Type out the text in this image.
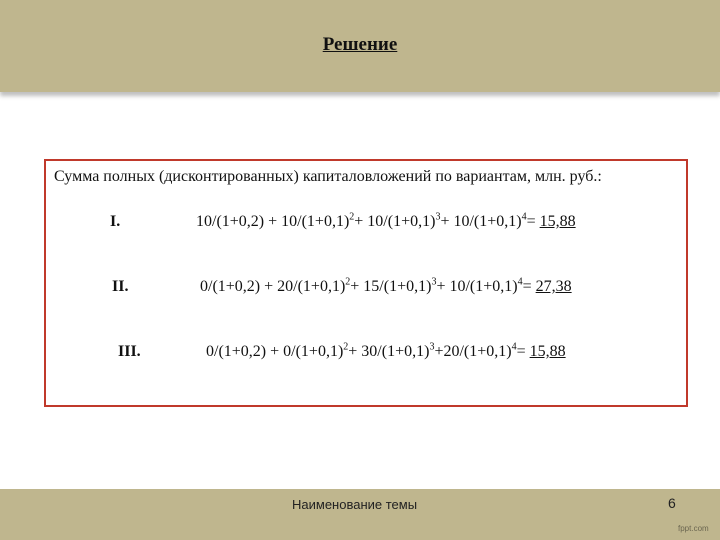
Решение
Сумма полных (дисконтированных) капиталовложений по вариантам, млн. руб.:
I.	$10/(1+0,2) + 10/(1+0,1)^2+ 10/(1+0,1)^3+ 10/(1+0,1)^4= 15,88$
II.	$0/(1+0,2) + 20/(1+0,1)^2+ 15/(1+0,1)^3+ 10/(1+0,1)^4= 27,38$
III.	$0/(1+0,2) + 0/(1+0,1)^2+ 30/(1+0,1)^3+20/(1+0,1)^4= 15,88$
Наименование темы	6
fppt.com
